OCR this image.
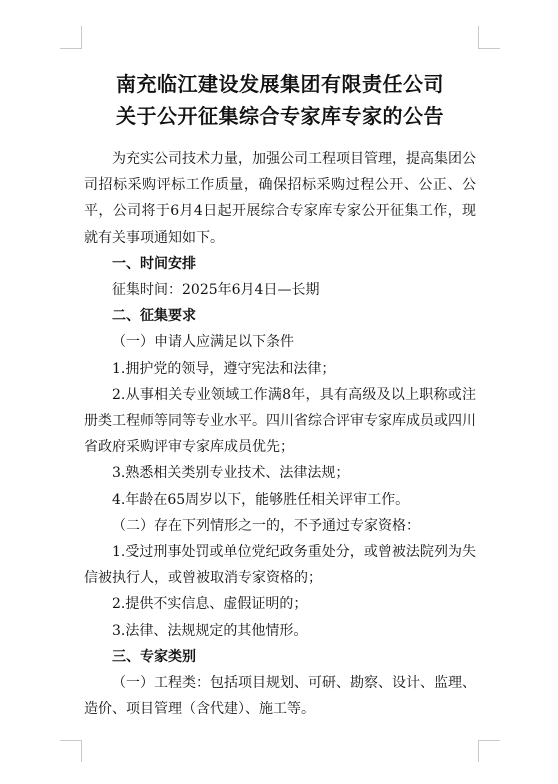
南充临江建设发展集团有限责任公司

关于公开征集综合专家库专家的公告

为充实公司技术力量，加强公司工程项目管理，提高集团公司招标采购评标工作质量，确保招标采购过程公开、公正、公平，公司将于6月4日起开展综合专家库专家公开征集工作，现就有关事项通知如下。

一、时间安排

征集时间：2025年6月4日—长期

二、征集要求

（一）申请人应满足以下条件

1.拥护党的领导，遵守宪法和法律；

2.从事相关专业领域工作满8年，具有高级及以上职称或注册类工程师等同等专业水平。四川省综合评审专家库成员或四川省政府采购评审专家库成员优先；

3.熟悉相关类别专业技术、法律法规；

4.年龄在65周岁以下，能够胜任相关评审工作。

（二）存在下列情形之一的，不予通过专家资格：

1.受过刑事处罚或单位党纪政务重处分，或曾被法院列为失信被执行人，或曾被取消专家资格的；

2.提供不实信息、虚假证明的；

3.法律、法规规定的其他情形。

三、专家类别

（一）工程类：包括项目规划、可研、勘察、设计、监理、造价、项目管理（含代建）、施工等。
